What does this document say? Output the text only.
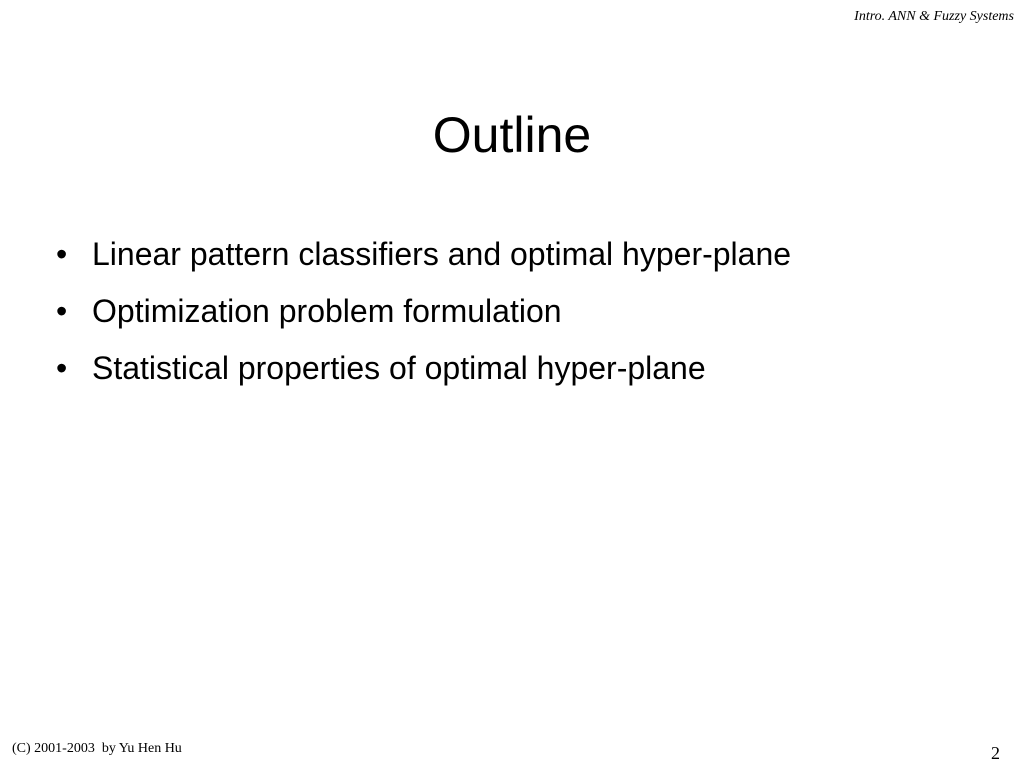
Intro. ANN & Fuzzy Systems
Outline
• Linear pattern classifiers and optimal hyper-plane
• Optimization problem formulation
• Statistical properties of optimal hyper-plane
(C) 2001-2003  by Yu Hen Hu	2
